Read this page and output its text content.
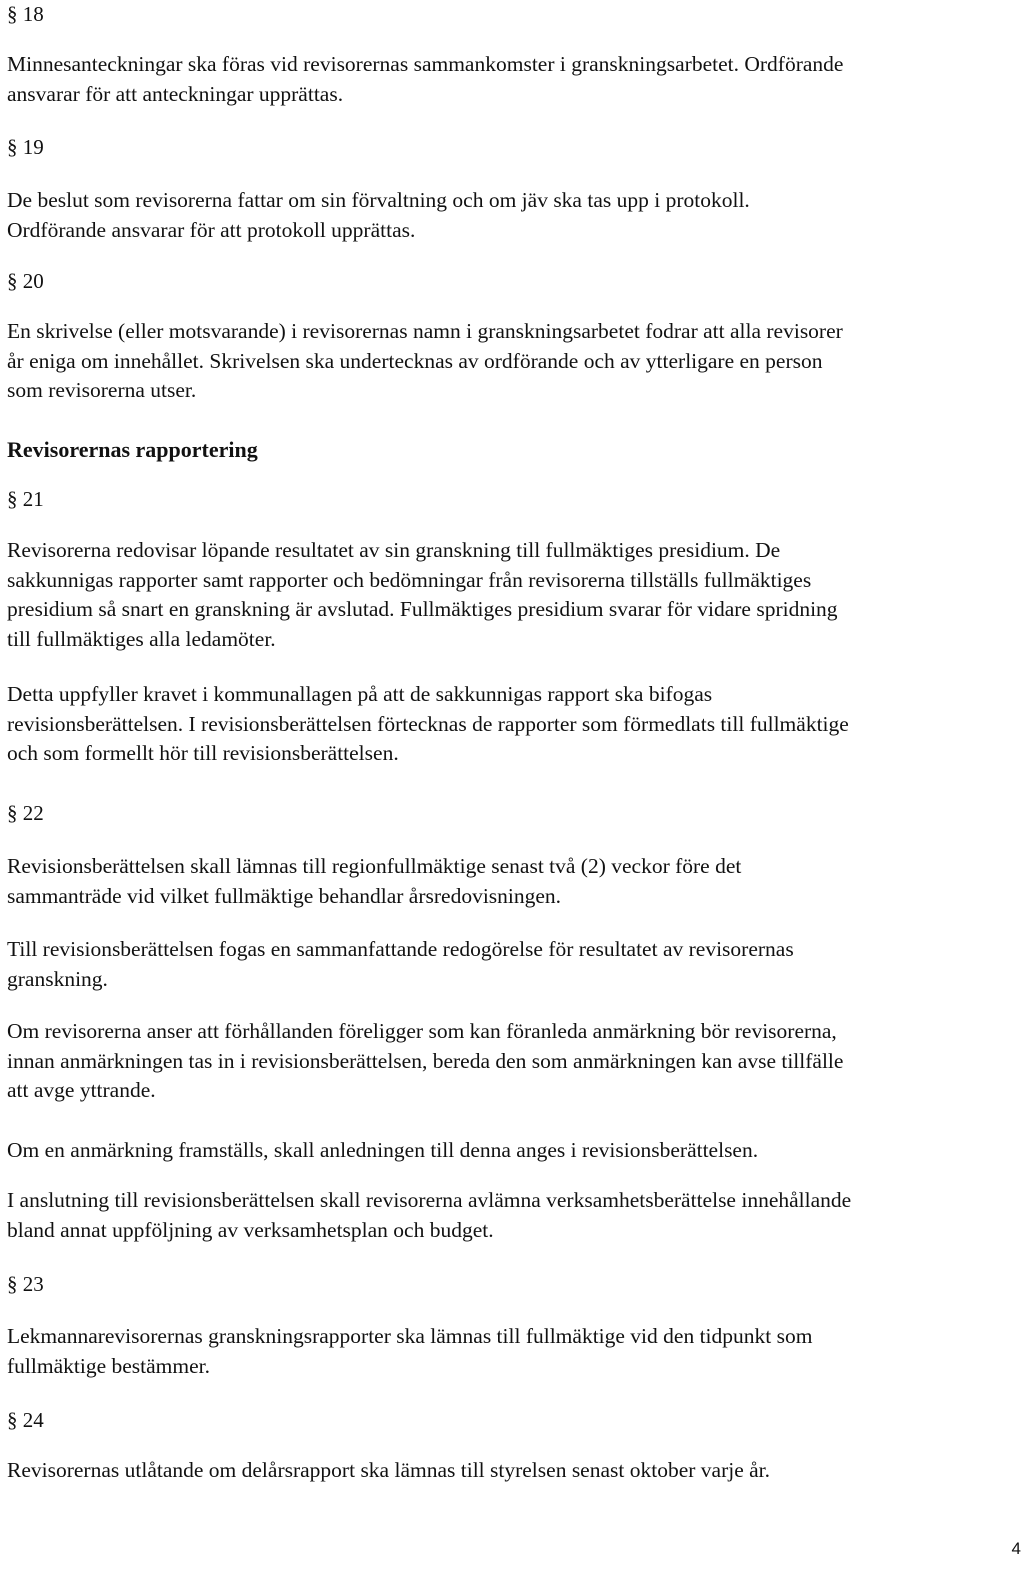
§ 18

Minnesanteckningar ska föras vid revisorernas sammankomster i granskningsarbetet. Ordförande
ansvarar för att anteckningar upprättas.

§ 19

De beslut som revisorerna fattar om sin förvaltning och om jäv ska tas upp i protokoll.
Ordförande ansvarar för att protokoll upprättas.

§ 20

En skrivelse (eller motsvarande) i revisorernas namn i granskningsarbetet fodrar att alla revisorer
år eniga om innehållet. Skrivelsen ska undertecknas av ordförande och av ytterligare en person
som revisorerna utser.

Revisorernas rapportering

§ 21

Revisorerna redovisar löpande resultatet av sin granskning till fullmäktiges presidium. De
sakkunnigas rapporter samt rapporter och bedömningar från revisorerna tillställs fullmäktiges
presidium så snart en granskning är avslutad. Fullmäktiges presidium svarar för vidare spridning
till fullmäktiges alla ledamöter.

Detta uppfyller kravet i kommunallagen på att de sakkunnigas rapport ska bifogas
revisionsberättelsen. I revisionsberättelsen förtecknas de rapporter som förmedlats till fullmäktige
och som formellt hör till revisionsberättelsen.

§ 22

Revisionsberättelsen skall lämnas till regionfullmäktige senast två (2) veckor före det
sammanträde vid vilket fullmäktige behandlar årsredovisningen.

Till revisionsberättelsen fogas en sammanfattande redogörelse för resultatet av revisorernas
granskning.

Om revisorerna anser att förhållanden föreligger som kan föranleda anmärkning bör revisorerna,
innan anmärkningen tas in i revisionsberättelsen, bereda den som anmärkningen kan avse tillfälle
att avge yttrande.

Om en anmärkning framställs, skall anledningen till denna anges i revisionsberättelsen.

I anslutning till revisionsberättelsen skall revisorerna avlämna verksamhetsberättelse innehållande
bland annat uppföljning av verksamhetsplan och budget.

§ 23

Lekmannarevisorernas granskningsrapporter ska lämnas till fullmäktige vid den tidpunkt som
fullmäktige bestämmer.

§ 24

Revisorernas utlåtande om delårsrapport ska lämnas till styrelsen senast oktober varje år.

4
